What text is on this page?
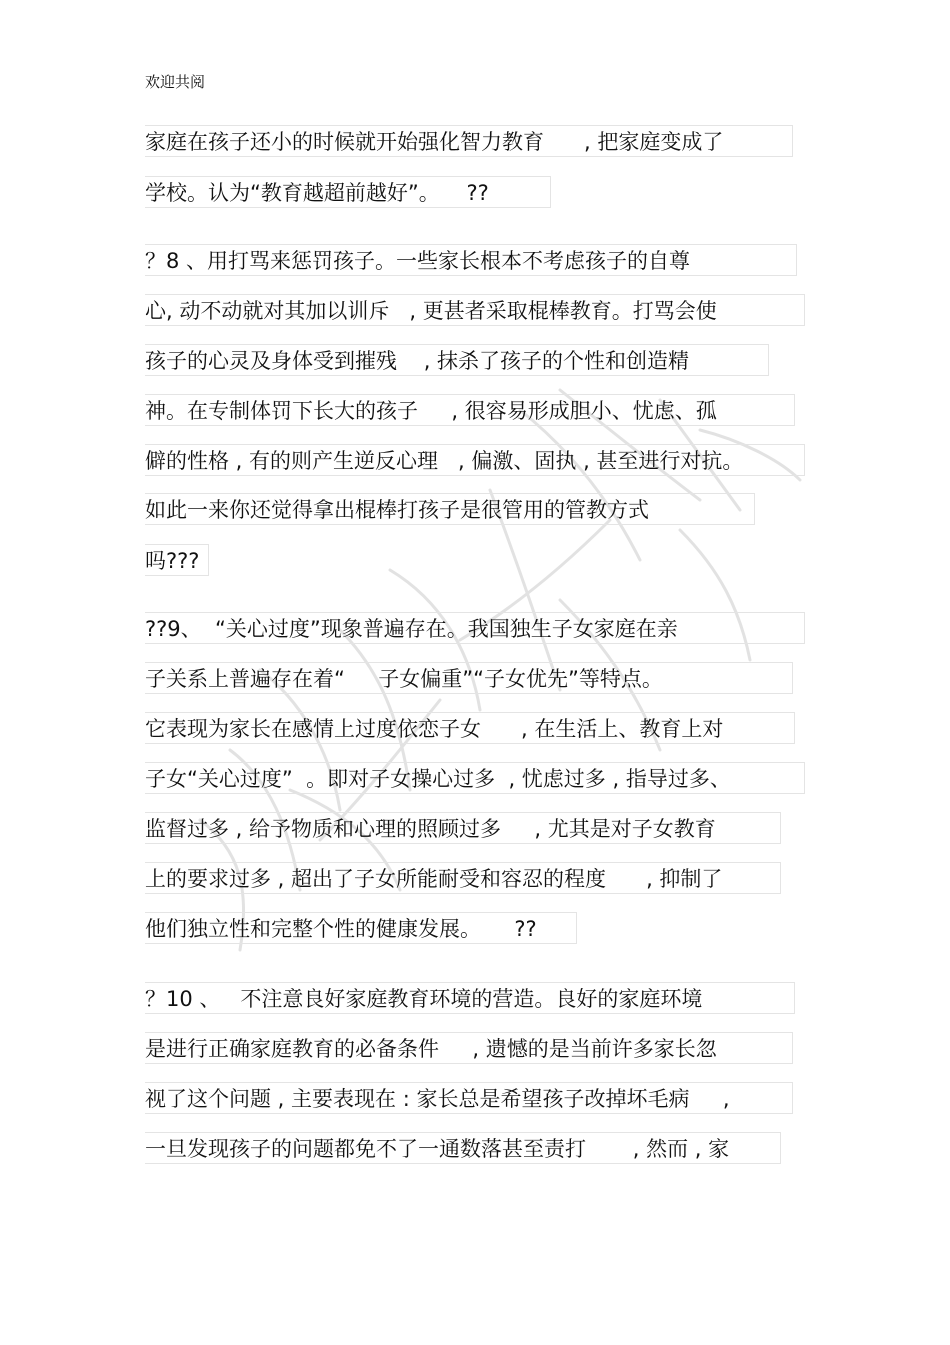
欢迎共阅
家庭在孩子还小的时候就开始强化智力教育      , 把家庭变成了
学校。认为“教育越超前越好”。    ??
？8 、用打骂来惩罚孩子。一些家长根本不考虑孩子的自尊
心, 动不动就对其加以训斥   , 更甚者采取棍棒教育。打骂会使
孩子的心灵及身体受到摧残    , 抹杀了孩子的个性和创造精
神。在专制体罚下长大的孩子     , 很容易形成胆小、忧虑、孤
僻的性格 , 有的则产生逆反心理   , 偏激、固执 , 甚至进行对抗。
如此一来你还觉得拿出棍棒打孩子是很管用的管教方式
吗???
??9、  “关心过度”现象普遍存在。我国独生子女家庭在亲
子关系上普遍存在着“     子女偏重”“子女优先”等特点。
它表现为家长在感情上过度依恋子女      , 在生活上、教育上对
子女“关心过度”  。即对子女操心过多  , 忧虑过多 , 指导过多、
监督过多 , 给予物质和心理的照顾过多     , 尤其是对子女教育
上的要求过多 , 超出了子女所能耐受和容忍的程度      , 抑制了
他们独立性和完整个性的健康发展。     ??
？10 、   不注意良好家庭教育环境的营造。良好的家庭环境
是进行正确家庭教育的必备条件     , 遗憾的是当前许多家长忽
视了这个问题 , 主要表现在 : 家长总是希望孩子改掉坏毛病     ,
一旦发现孩子的问题都免不了一通数落甚至责打       , 然而 , 家
